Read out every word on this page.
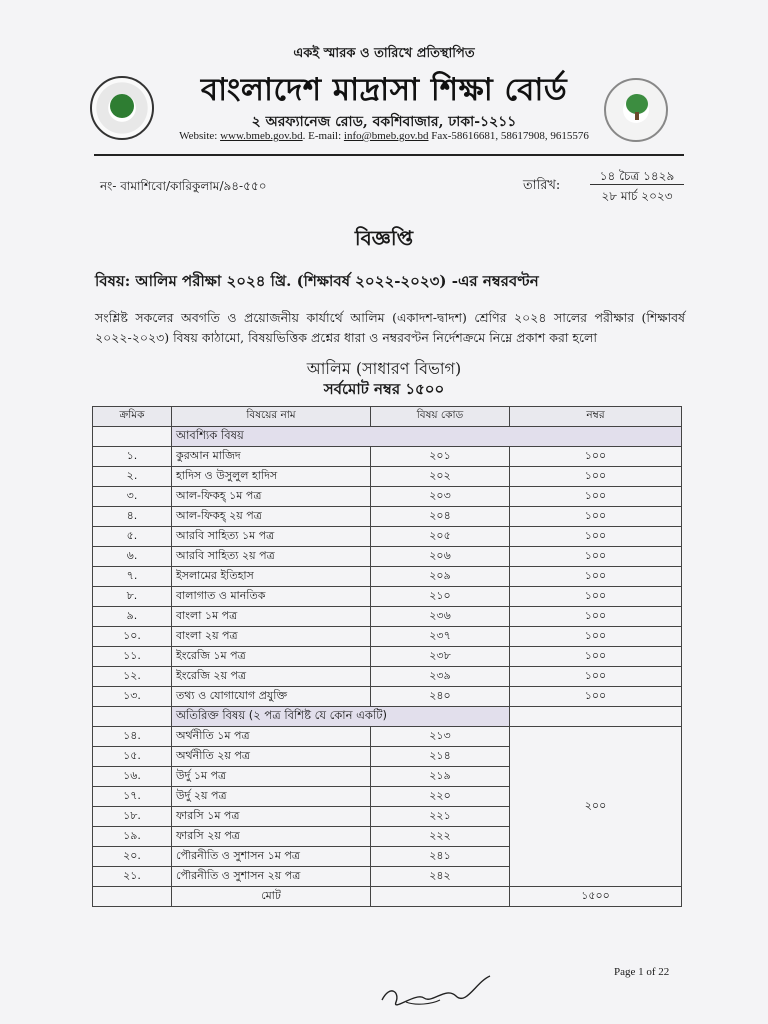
একই স্মারক ও তারিখে প্রতিস্থাপিত
বাংলাদেশ মাদ্রাসা শিক্ষা বোর্ড
২ অরফ্যানেজ রোড, বকশিবাজার, ঢাকা-১২১১
Website: www.bmeb.gov.bd. E-mail: info@bmeb.gov.bd Fax-58616681, 58617908, 9615576
নং- বামাশিবো/কারিকুলাম/৯৪-৫৫০	তারিখ:
১৪ চৈত্র ১৪২৯
২৮ মার্চ ২০২৩
বিজ্ঞপ্তি
বিষয়: আলিম পরীক্ষা ২০২৪ খ্রি. (শিক্ষাবর্ষ ২০২২-২০২৩) -এর নম্বরবণ্টন
সংশ্লিষ্ট সকলের অবগতি ও প্রয়োজনীয় কার্যার্থে আলিম (একাদশ-দ্বাদশ) শ্রেণির ২০২৪ সালের পরীক্ষার (শিক্ষাবর্ষ ২০২২-২০২৩) বিষয় কাঠামো, বিষয়ভিত্তিক প্রশ্নের ধারা ও নম্বরবণ্টন নির্দেশক্রমে নিম্নে প্রকাশ করা হলো
আলিম (সাধারণ বিভাগ)
সর্বমোট নম্বর ১৫০০
ক্রমিক	বিষয়ের নাম	বিষয় কোড	নম্বর
	আবশ্যিক বিষয়		
১.	কুরআন মাজিদ	২০১	১০০
২.	হাদিস ও উসুলুল হাদিস	২০২	১০০
৩.	আল-ফিকহ্ ১ম পত্র	২০৩	১০০
৪.	আল-ফিকহ্ ২য় পত্র	২০৪	১০০
৫.	আরবি সাহিত্য ১ম পত্র	২০৫	১০০
৬.	আরবি সাহিত্য ২য় পত্র	২০৬	১০০
৭.	ইসলামের ইতিহাস	২০৯	১০০
৮.	বালাগাত ও মানতিক	২১০	১০০
৯.	বাংলা ১ম পত্র	২৩৬	১০০
১০.	বাংলা ২য় পত্র	২৩৭	১০০
১১.	ইংরেজি ১ম পত্র	২৩৮	১০০
১২.	ইংরেজি ২য় পত্র	২৩৯	১০০
১৩.	তথ্য ও যোগাযোগ প্রযুক্তি	২৪০	১০০
	অতিরিক্ত বিষয় (২ পত্র বিশিষ্ট যে কোন একটি)		
১৪.	অর্থনীতি ১ম পত্র	২১৩	২০০
১৫.	অর্থনীতি ২য় পত্র	২১৪	
১৬.	উর্দু ১ম পত্র	২১৯	
১৭.	উর্দু ২য় পত্র	২২০	
১৮.	ফারসি ১ম পত্র	২২১	
১৯.	ফারসি ২য় পত্র	২২২	
২০.	পৌরনীতি ও সুশাসন ১ম পত্র	২৪১	
২১.	পৌরনীতি ও সুশাসন ২য় পত্র	২৪২	
	মোট		১৫০০
Page 1 of 22
